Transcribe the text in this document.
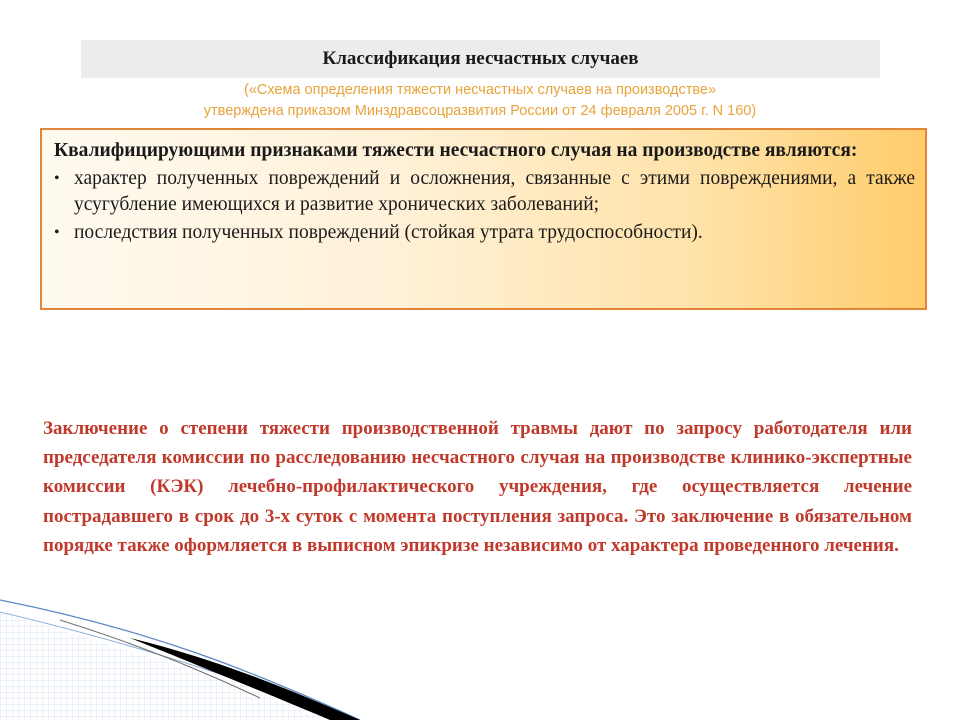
Классификация несчастных случаев
(«Схема определения тяжести несчастных случаев на производстве»
утверждена приказом Минздравсоцразвития России от 24 февраля 2005 г. N 160)
Квалифицирующими признаками тяжести несчастного случая на производстве являются:
• характер полученных повреждений и осложнения, связанные с этими повреждениями, а также усугубление имеющихся и развитие хронических заболеваний;
• последствия полученных повреждений (стойкая утрата трудоспособности).
Заключение о степени тяжести производственной травмы дают по запросу работодателя или председателя комиссии по расследованию несчастного случая на производстве клинико-экспертные комиссии (КЭК) лечебно-профилактического учреждения, где осуществляется лечение пострадавшего в срок до 3-х суток с момента поступления запроса. Это заключение в обязательном порядке также оформляется в выписном эпикризе независимо от характера проведенного лечения.
